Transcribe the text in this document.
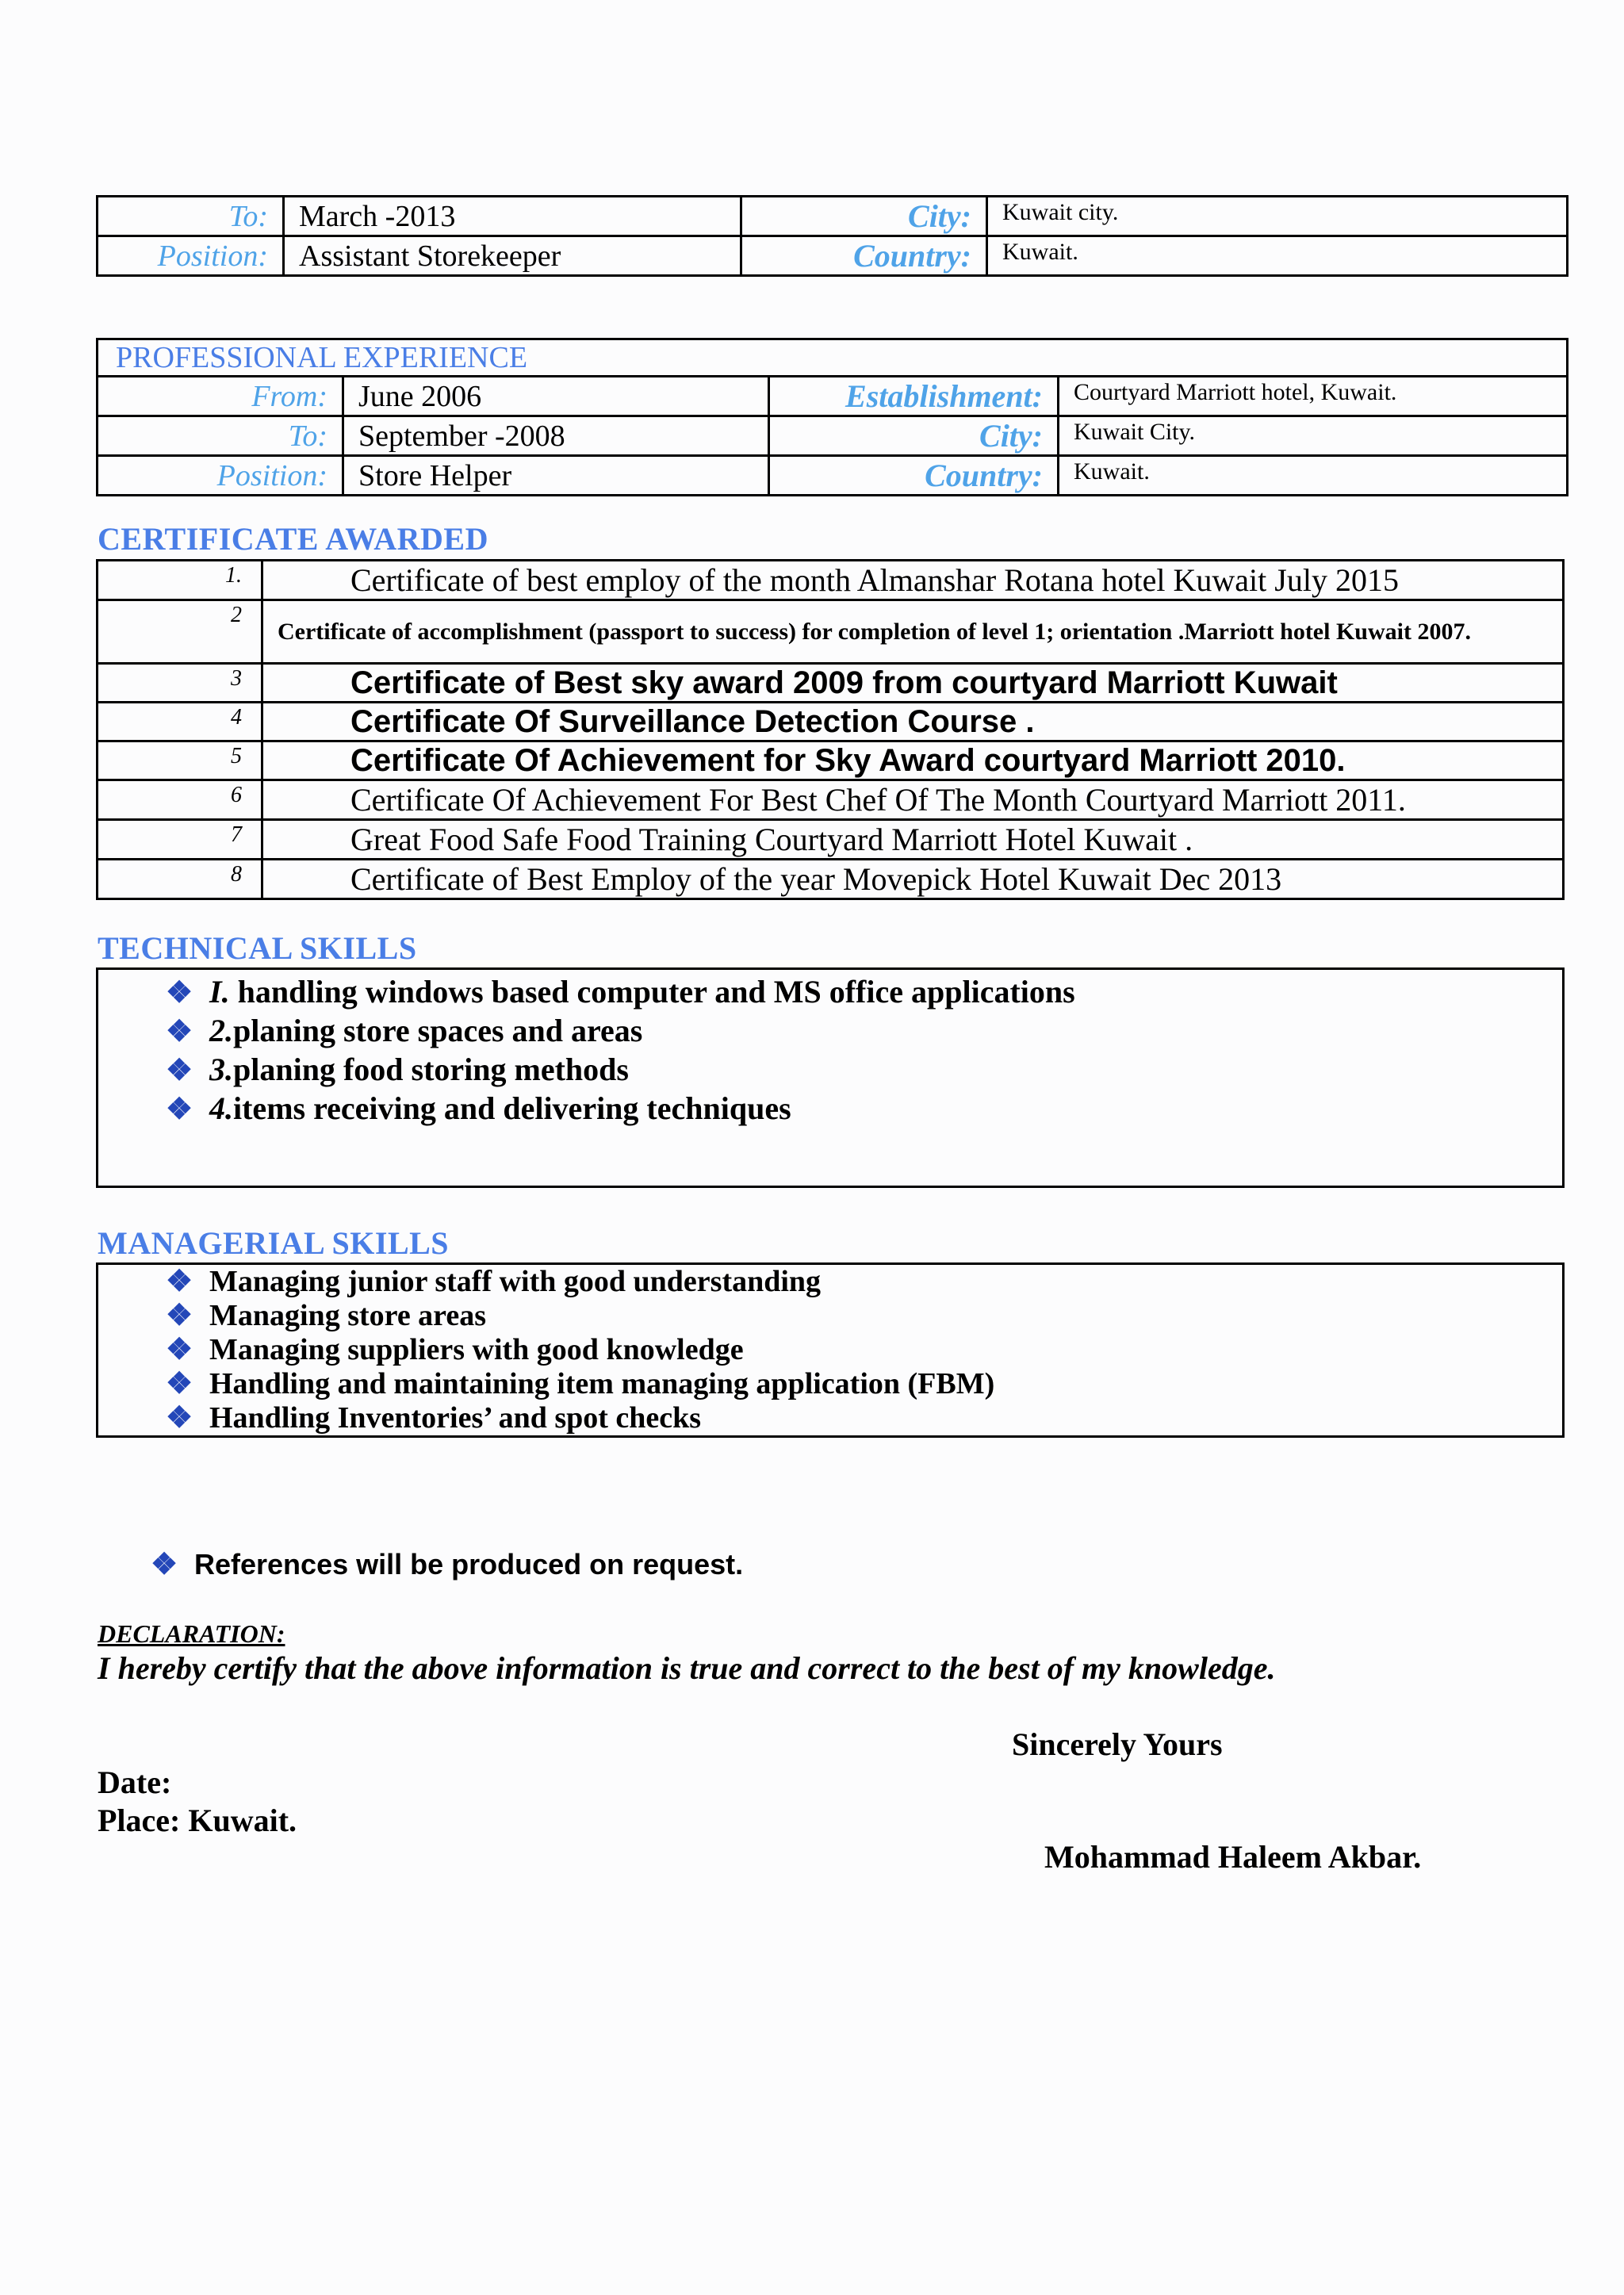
To:	March -2013	City:	Kuwait city.
Position:	Assistant Storekeeper	Country:	Kuwait.
PROFESSIONAL EXPERIENCE			
From:	June 2006	Establishment:	Courtyard Marriott hotel, Kuwait.
To:	September -2008	City:	Kuwait City.
Position:	Store Helper	Country:	Kuwait.
CERTIFICATE AWARDED
1.	Certificate of best employ of the month Almanshar Rotana hotel Kuwait July 2015
2	Certificate of accomplishment (passport to success) for completion of level 1; orientation .Marriott hotel Kuwait 2007.
3	Certificate of Best sky award 2009 from courtyard Marriott Kuwait
4	Certificate Of Surveillance Detection Course .
5	Certificate Of Achievement for Sky Award courtyard Marriott 2010.
6	Certificate Of Achievement For Best Chef Of The Month Courtyard Marriott 2011.
7	Great Food Safe Food Training Courtyard Marriott Hotel Kuwait .
8	Certificate of Best Employ of the year Movepick Hotel Kuwait Dec 2013
TECHNICAL SKILLS
❖ I. handling windows based computer and MS office applications
❖ 2.planing store spaces and areas
❖ 3.planing food storing methods
❖ 4.items receiving and delivering techniques
MANAGERIAL SKILLS
❖ Managing junior staff with good understanding
❖ Managing store areas
❖ Managing suppliers with good knowledge
❖ Handling and maintaining item managing application (FBM)
❖ Handling Inventories’ and spot checks
❖ References will be produced on request.
DECLARATION:
I hereby certify that the above information is true and correct to the best of my knowledge.
Sincerely Yours
Date:
Place: Kuwait.
Mohammad Haleem Akbar.
